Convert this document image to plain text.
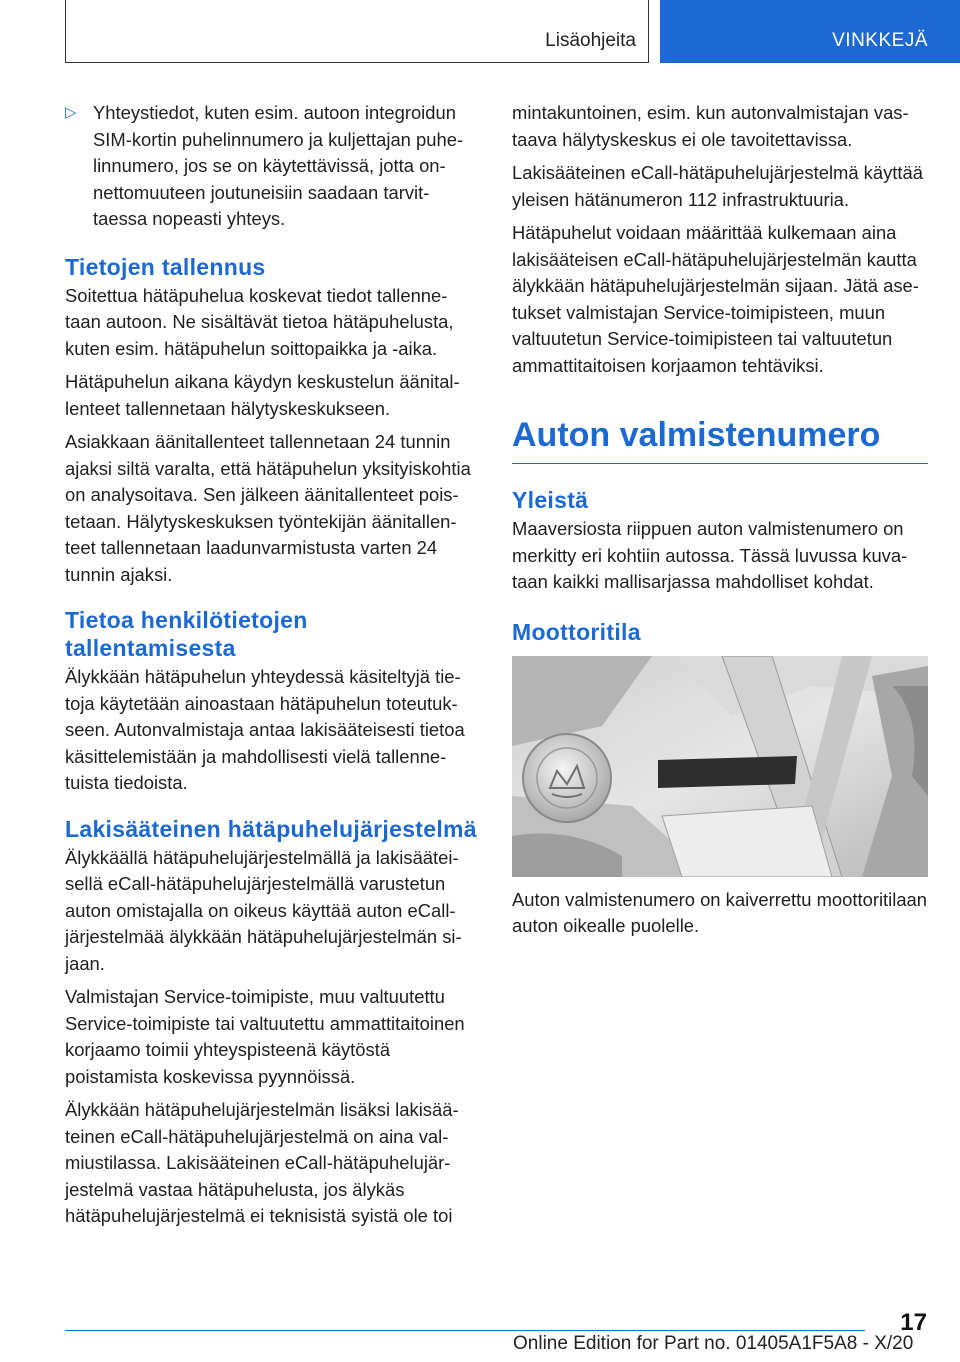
Lisäohjeita	VINKKEJÄ

▷ Yhteystiedot, kuten esim. autoon integroidun SIM-kortin puhelinnumero ja kuljettajan puhelinnumero, jos se on käytettävissä, jotta onnettomuuteen joutuneisiin saadaan tarvittaessa nopeasti yhteys.

Tietojen tallennus

Soitettua hätäpuhelua koskevat tiedot tallennetaan autoon. Ne sisältävät tietoa hätäpuhelusta, kuten esim. hätäpuhelun soittopaikka ja -aika.

Hätäpuhelun aikana käydyn keskustelun äänitallenteet tallennetaan hälytyskeskukseen.

Asiakkaan äänitallenteet tallennetaan 24 tunnin ajaksi siltä varalta, että hätäpuhelun yksityiskohtia on analysoitava. Sen jälkeen äänitallenteet poistetaan. Hälytyskeskuksen työntekijän äänitallenteet tallennetaan laadunvarmistusta varten 24 tunnin ajaksi.

Tietoa henkilötietojen tallentamisesta

Älykkään hätäpuhelun yhteydessä käsiteltyjä tietoja käytetään ainoastaan hätäpuhelun toteutukseen. Autonvalmistaja antaa lakisääteisesti tietoa käsittelemistään ja mahdollisesti vielä tallennetuista tiedoista.

Lakisääteinen hätäpuhelujärjestelmä

Älykkäällä hätäpuhelujärjestelmällä ja lakisääteisellä eCall-hätäpuhelujärjestelmällä varustetun auton omistajalla on oikeus käyttää auton eCall-järjestelmää älykkään hätäpuhelujärjestelmän sijaan.

Valmistajan Service-toimipiste, muu valtuutettu Service-toimipiste tai valtuutettu ammattitaitoinen korjaamo toimii yhteyspisteenä käytöstä poistamista koskevissa pyynnöissä.

Älykkään hätäpuhelujärjestelmän lisäksi lakisääteinen eCall-hätäpuhelujärjestelmä on aina valmiustilassa. Lakisääteinen eCall-hätäpuhelujärjestelmä vastaa hätäpuhelusta, jos älykäs hätäpuhelujärjestelmä ei teknisistä syistä ole toi

mintakuntoinen, esim. kun autonvalmistajan vastaava hälytyskeskus ei ole tavoitettavissa.

Lakisääteinen eCall-hätäpuhelujärjestelmä käyttää yleisen hätänumeron 112 infrastruktuuria.

Hätäpuhelut voidaan määrittää kulkemaan aina lakisääteisen eCall-hätäpuhelujärjestelmän kautta älykkään hätäpuhelujärjestelmän sijaan. Jätä asetukset valmistajan Service-toimipisteen, muun valtuutetun Service-toimipisteen tai valtuutetun ammattitaitoisen korjaamon tehtäviksi.

Auton valmistenumero
Yleistä

Maaversiosta riippuen auton valmistenumero on merkitty eri kohtiin autossa. Tässä luvussa kuvataan kaikki mallisarjassa mahdolliset kohdat.

Moottoritila

Auton valmistenumero on kaiverrettu moottoritilaan auton oikealle puolelle.

17
Online Edition for Part no. 01405A1F5A8 - X/20
